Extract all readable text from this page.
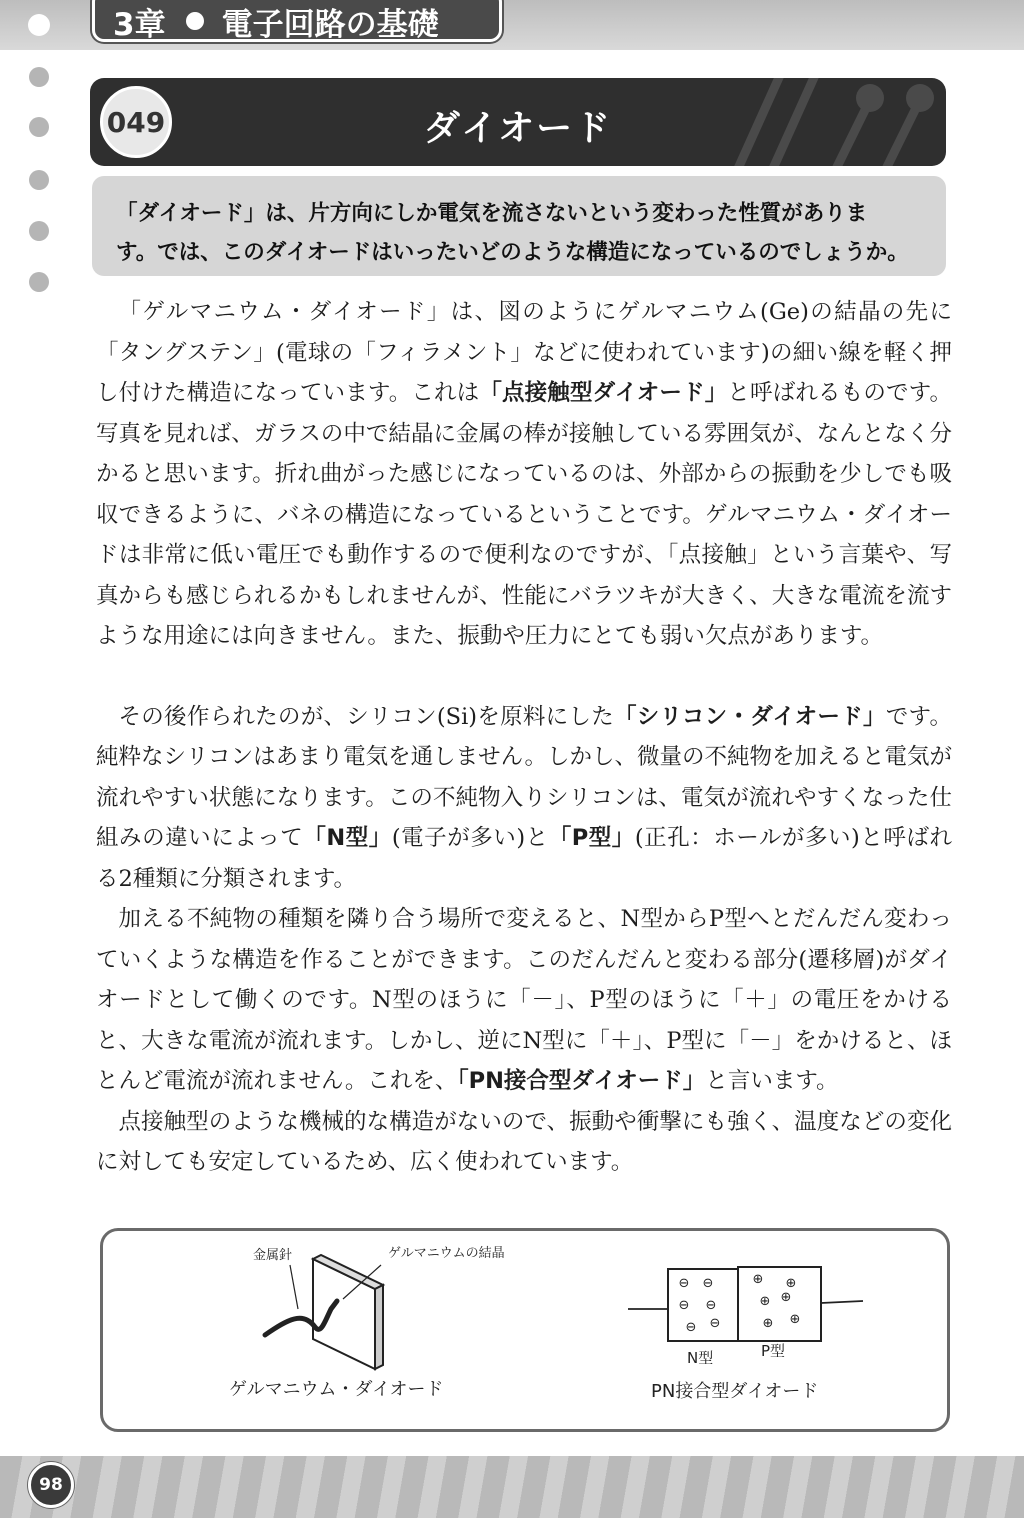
3章 電子回路の基礎
049	ダイオード
「ダイオード」は、片方向にしか電気を流さないという変わった性質がありま
す。では、このダイオードはいったいどのような構造になっているのでしょうか。

「ゲルマニウム・ダイオード」は、図のようにゲルマニウム(Ge)の結晶の先に「タングステン」(電球の「フィラメント」などに使われています)の細い線を軽く押し付けた構造になっています。これは「点接触型ダイオード」と呼ばれるものです。写真を見れば、ガラスの中で結晶に金属の棒が接触している雰囲気が、なんとなく分かると思います。折れ曲がった感じになっているのは、外部からの振動を少しでも吸収できるように、バネの構造になっているということです。ゲルマニウム・ダイオードは非常に低い電圧でも動作するので便利なのですが、「点接触」という言葉や、写真からも感じられるかもしれませんが、性能にバラツキが大きく、大きな電流を流すような用途には向きません。また、振動や圧力にとても弱い欠点があります。

その後作られたのが、シリコン(Si)を原料にした「シリコン・ダイオード」です。純粋なシリコンはあまり電気を通しません。しかし、微量の不純物を加えると電気が流れやすい状態になります。この不純物入りシリコンは、電気が流れやすくなった仕組みの違いによって「N型」(電子が多い)と「P型」(正孔：ホールが多い)と呼ばれる2種類に分類されます。

加える不純物の種類を隣り合う場所で変えると、N型からP型へとだんだん変わっていくような構造を作ることができます。このだんだんと変わる部分(遷移層)がダイオードとして働くのです。N型のほうに「－」、P型のほうに「＋」の電圧をかけると、大きな電流が流れます。しかし、逆にN型に「＋」、P型に「－」をかけると、ほとんど電流が流れません。これを、「PN接合型ダイオード」と言います。

点接触型のような機械的な構造がないので、振動や衝撃にも強く、温度などの変化に対しても安定しているため、広く使われています。

金属針	ゲルマニウムの結晶
⊖ ⊖
⊖ ⊖
⊖ ⊖
⊕ ⊕
⊕ ⊕
⊕ ⊕
N型	P型
ゲルマニウム・ダイオード	PN接合型ダイオード
98
